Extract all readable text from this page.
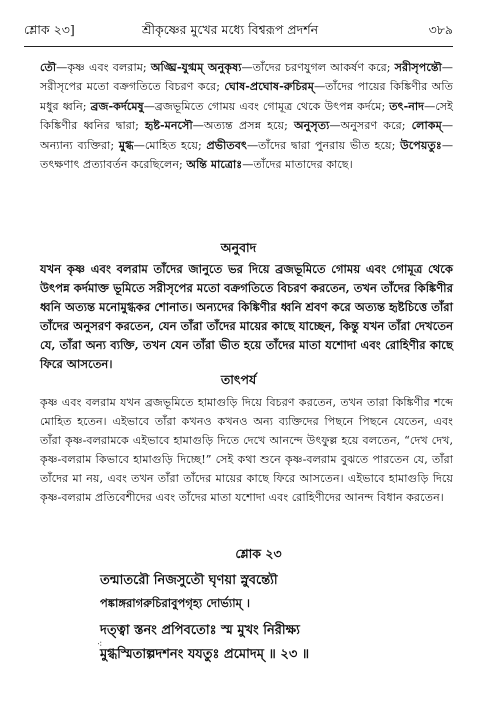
শ্লোক ২৩]	শ্রীকৃষ্ণের মুখের মধ্যে বিশ্বরূপ প্রদর্শন	৩৮৯
তৌ—কৃষ্ণ এবং বলরাম; অঙ্ঘ্রি-যুগ্মম্ অনুকৃষ্য—তাঁদের চরণযুগল আকর্ষণ করে; সরীসৃপন্তৌ—সরীসৃপের মতো বক্রগতিতে বিচরণ করে; ঘোষ-প্রঘোষ-রুচিরম্—তাঁদের পায়ের কিঙ্কিণীর অতি মধুর ধ্বনি; ব্রজ-কর্দমেষু—ব্রজভূমিতে গোময় এবং গোমূত্র থেকে উৎপন্ন কর্দমে; তৎ-নাদ—সেই কিঙ্কিণীর ধ্বনির দ্বারা; হৃষ্ট-মনসৌ—অত্যন্ত প্রসন্ন হয়ে; অনুসৃত্য—অনুসরণ করে; লোকম্—অন্যান্য ব্যক্তিরা; মুগ্ধ—মোহিত হয়ে; প্রভীতবৎ—তাঁদের দ্বারা পুনরায় ভীত হয়ে; উপেয়তুঃ—তৎক্ষণাৎ প্রত্যাবর্তন করেছিলেন; অন্তি মাত্রোঃ—তাঁদের মাতাদের কাছে।
অনুবাদ
যখন কৃষ্ণ এবং বলরাম তাঁদের জানুতে ভর দিয়ে ব্রজভূমিতে গোময় এবং গোমূত্র থেকে উৎপন্ন কর্দমাক্ত ভূমিতে সরীসৃপের মতো বক্রগতিতে বিচরণ করতেন, তখন তাঁদের কিঙ্কিণীর ধ্বনি অত্যন্ত মনোমুগ্ধকর শোনাত। অন্যদের কিঙ্কিণীর ধ্বনি শ্রবণ করে অত্যন্ত হৃষ্টচিত্তে তাঁরা তাঁদের অনুসরণ করতেন, যেন তাঁরা তাঁদের মায়ের কাছে যাচ্ছেন, কিন্তু যখন তাঁরা দেখতেন যে, তাঁরা অন্য ব্যক্তি, তখন যেন তাঁরা ভীত হয়ে তাঁদের মাতা যশোদা এবং রোহিণীর কাছে ফিরে আসতেন।
তাৎপর্য
কৃষ্ণ এবং বলরাম যখন ব্রজভূমিতে হামাগুড়ি দিয়ে বিচরণ করতেন, তখন তারা কিঙ্কিণীর শব্দে মোহিত হতেন। এইভাবে তাঁরা কখনও কখনও অন্য ব্যক্তিদের পিছনে পিছনে যেতেন, এবং তাঁরা কৃষ্ণ-বলরামকে এইভাবে হামাগুড়ি দিতে দেখে আনন্দে উৎফুল্ল হয়ে বলতেন, “দেখ দেখ, কৃষ্ণ-বলরাম কিভাবে হামাগুড়ি দিচ্ছে!” সেই কথা শুনে কৃষ্ণ-বলরাম বুঝতে পারতেন যে, তাঁরা তাঁদের মা নয়, এবং তখন তাঁরা তাঁদের মায়ের কাছে ফিরে আসতেন। এইভাবে হামাগুড়ি দিয়ে কৃষ্ণ-বলরাম প্রতিবেশীদের এবং তাঁদের মাতা যশোদা এবং রোহিণীদের আনন্দ বিধান করতেন।
শ্লোক ২৩
তন্মাতরৌ নিজসুতৌ ঘৃণয়া স্নুবন্ত্যৌ
পঙ্কাঙ্গরাগরুচিরাবুপগৃহ্য দোর্ভ্যাম্ ।
দত্ত্বা স্তনং প্রপিবতোঃ স্ম মুখং নিরীক্ষ্য
⁖
মুগ্ধস্মিতাল্পদশনং যযতুঃ প্রমোদম্ ॥ ২৩ ॥
